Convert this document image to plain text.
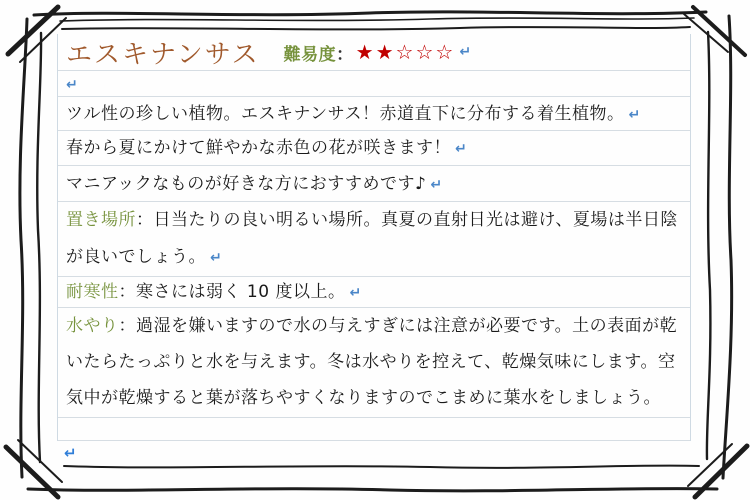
エスキナンサス 難易度 ： ★★☆☆☆ ↵
↵
ツル性の珍しい植物。エスキナンサス！赤道直下に分布する着生植物。 ↵
春から夏にかけて鮮やかな赤色の花が咲きます！ ↵
マニアックなものが好きな方におすすめです♪ ↵
置き場所：日当たりの良い明るい場所。真夏の直射日光は避け、夏場は半日陰が良いでしょう。 ↵
耐寒性：寒さには弱く 10 度以上。 ↵
水やり：過湿を嫌いますので水の与えすぎには注意が必要です。土の表面が乾いたらたっぷりと水を与えます。冬は水やりを控えて、乾燥気味にします。空気中が乾燥すると葉が落ちやすくなりますのでこまめに葉水をしましょう。
↵
